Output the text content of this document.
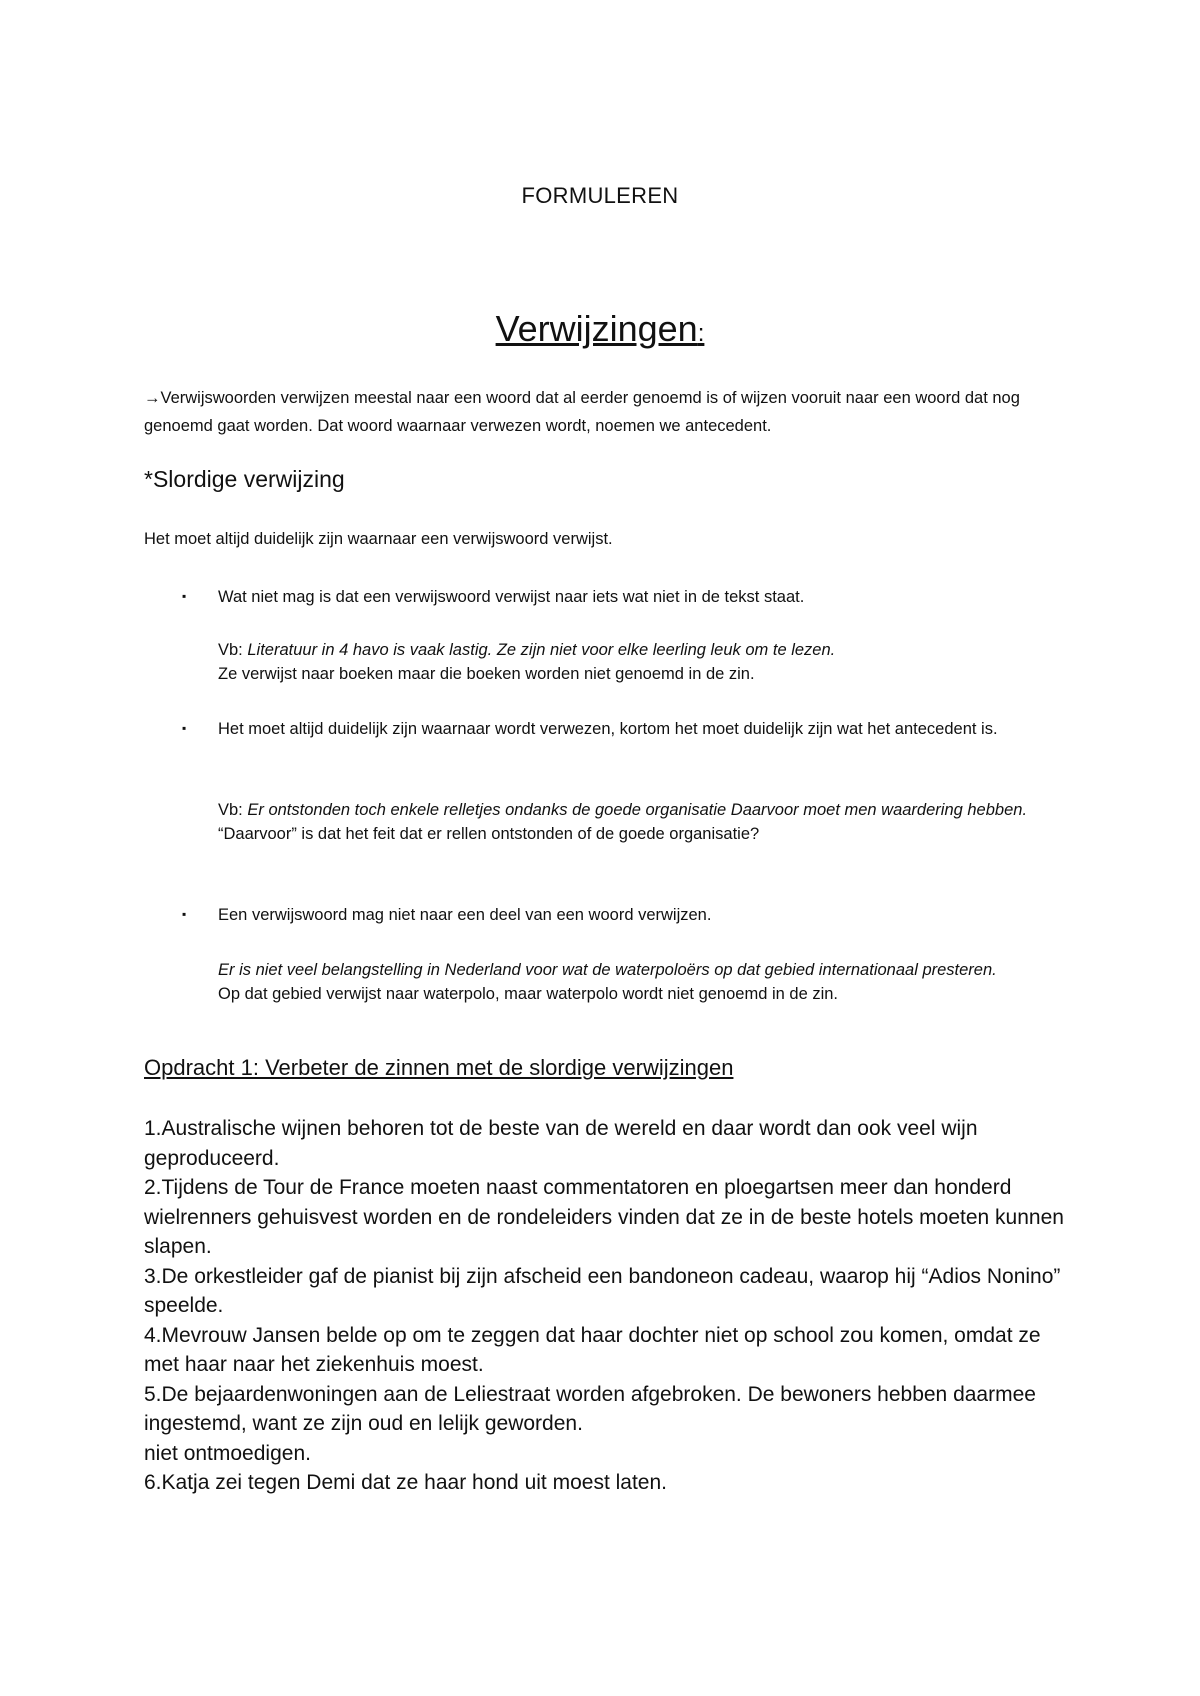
FORMULEREN
Verwijzingen:
→Verwijswoorden verwijzen meestal naar een woord dat al eerder genoemd is of wijzen vooruit naar een woord dat nog genoemd gaat worden. Dat woord waarnaar verwezen wordt, noemen we antecedent.
*Slordige verwijzing
Het moet altijd duidelijk zijn waarnaar een verwijswoord verwijst.
▪ Wat niet mag is dat een verwijswoord verwijst naar iets wat niet in de tekst staat.
Vb: Literatuur in 4 havo is vaak lastig. Ze zijn niet voor elke leerling leuk om te lezen.
Ze verwijst naar boeken maar die boeken worden niet genoemd in de zin.
▪ Het moet altijd duidelijk zijn waarnaar wordt verwezen, kortom het moet duidelijk zijn wat het antecedent is.
Vb: Er ontstonden toch enkele relletjes ondanks de goede organisatie Daarvoor moet men waardering hebben.
“Daarvoor” is dat het feit dat er rellen ontstonden of de goede organisatie?
▪ Een verwijswoord mag niet naar een deel van een woord verwijzen.
Er is niet veel belangstelling in Nederland voor wat de waterpoloërs op dat gebied internationaal presteren.
Op dat gebied verwijst naar waterpolo, maar waterpolo wordt niet genoemd in de zin.
Opdracht 1: Verbeter de zinnen met de slordige verwijzingen
1.Australische wijnen behoren tot de beste van de wereld en daar wordt dan ook veel wijn geproduceerd.
2.Tijdens de Tour de France moeten naast commentatoren en ploegartsen meer dan honderd wielrenners gehuisvest worden en de rondeleiders vinden dat ze in de beste hotels moeten kunnen slapen.
3.De orkestleider gaf de pianist bij zijn afscheid een bandoneon cadeau, waarop hij “Adios Nonino” speelde.
4.Mevrouw Jansen belde op om te zeggen dat haar dochter niet op school zou komen, omdat ze met haar naar het ziekenhuis moest.
5.De bejaardenwoningen aan de Leliestraat worden afgebroken. De bewoners hebben daarmee ingestemd, want ze zijn oud en lelijk geworden.
niet ontmoedigen.
6.Katja zei tegen Demi dat ze haar hond uit moest laten.
